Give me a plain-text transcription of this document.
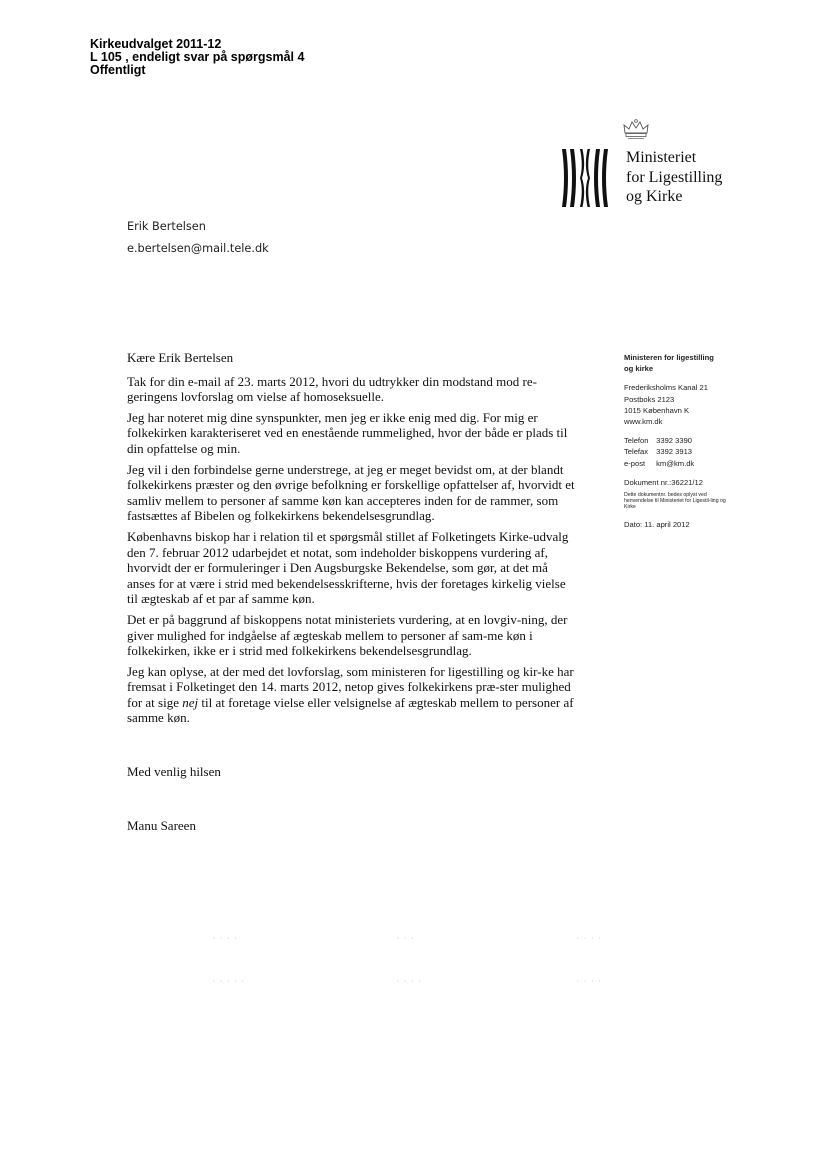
Kirkeudvalget 2011-12
L 105 , endeligt svar på spørgsmål 4
Offentligt
Ministeriet
for Ligestilling
og Kirke
Erik Bertelsen
e.bertelsen@mail.tele.dk

Kære Erik Bertelsen

Tak for din e-mail af 23. marts 2012, hvori du udtrykker din modstand mod re-geringens lovforslag om vielse af homoseksuelle.

Jeg har noteret mig dine synspunkter, men jeg er ikke enig med dig. For mig er folkekirken karakteriseret ved en enestående rummelighed, hvor der både er plads til din opfattelse og min.

Jeg vil i den forbindelse gerne understrege, at jeg er meget bevidst om, at der blandt folkekirkens præster og den øvrige befolkning er forskellige opfattelser af, hvorvidt et samliv mellem to personer af samme køn kan accepteres inden for de rammer, som fastsættes af Bibelen og folkekirkens bekendelsesgrundlag.

Københavns biskop har i relation til et spørgsmål stillet af Folketingets Kirke-udvalg den 7. februar 2012 udarbejdet et notat, som indeholder biskoppens vurdering af, hvorvidt der er formuleringer i Den Augsburgske Bekendelse, som gør, at det må anses for at være i strid med bekendelsesskrifterne, hvis der foretages kirkelig vielse til ægteskab af et par af samme køn.

Det er på baggrund af biskoppens notat ministeriets vurdering, at en lovgiv-ning, der giver mulighed for indgåelse af ægteskab mellem to personer af sam-me køn i folkekirken, ikke er i strid med folkekirkens bekendelsesgrundlag.

Jeg kan oplyse, at der med det lovforslag, som ministeren for ligestilling og kir-ke har fremsat i Folketinget den 14. marts 2012, netop gives folkekirkens præ-ster mulighed for at sige nej til at foretage vielse eller velsignelse af ægteskab mellem to personer af samme køn.

Med venlig hilsen
Manu Sareen
Ministeren for ligestilling
og kirke
Frederiksholms Kanal 21
Postboks 2123
1015 København K
www.km.dk
Telefon 3392 3390
Telefax 3392 3913
e-post km@km.dk
Dokument nr.:36221/12
Dette dokumentnr. bedes oplyst ved henvendelse til Ministeriet for Ligestil-ling og Kirke
Dato: 11. april 2012
· · · ·	· · ·	· · · ·
· · · · ·	· · · ·	· · · ·
